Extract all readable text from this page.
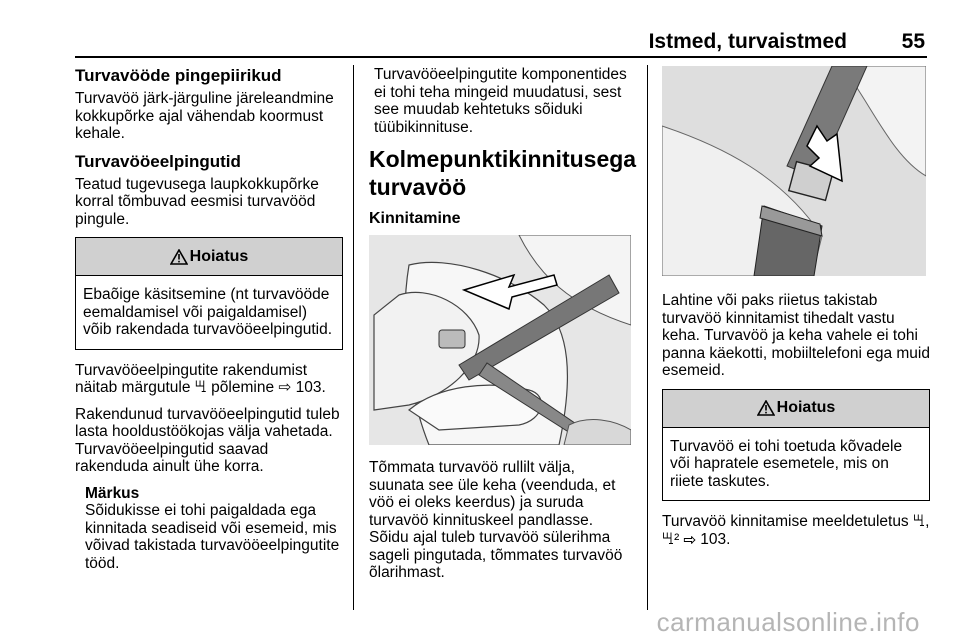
Istmed, turvaistmed	55
Turvavööde pingepiirikud

Turvavöö järk-järguline järeleandmine kokkupõrke ajal vähendab koormust kehale.

Turvavööeelpingutid

Teatud tugevusega laupkokkupõrke korral tõmbuvad eesmisi turvavööd pingule.

Hoiatus

Ebaõige käsitsemine (nt turvavööde eemaldamisel või paigaldamisel) võib rakendada turvavööeelpingutid.

Turvavööeelpingutite rakendumist näitab märgutule ꖇ põlemine ⇨ 103.

Rakendunud turvavööeelpingutid tuleb lasta hooldustöökojas välja vahetada. Turvavööeelpingutid saavad rakenduda ainult ühe korra.

Märkus

Sõidukisse ei tohi paigaldada ega kinnitada seadiseid või esemeid, mis võivad takistada turvavööeelpingutite tööd.

Turvavööeelpingutite komponentides ei tohi teha mingeid muudatusi, sest see muudab kehtetuks sõiduki tüübikinnituse.

Kolmepunktikinnitusega turvavöö
Kinnitamine

Tõmmata turvavöö rullilt välja, suunata see üle keha (veenduda, et vöö ei oleks keerdus) ja suruda turvavöö kinnituskeel pandlasse. Sõidu ajal tuleb turvavöö sülerihma sageli pingutada, tõmmates turvavöö õlarihmast.

Lahtine või paks riietus takistab turvavöö kinnitamist tihedalt vastu keha. Turvavöö ja keha vahele ei tohi panna käekotti, mobiiltelefoni ega muid esemeid.

Hoiatus

Turvavöö ei tohi toetuda kõvadele või hapratele esemetele, mis on riiete taskutes.

Turvavöö kinnitamise meeldetuletus ꖇ, ꖇ² ⇨ 103.

carmanualsonline.info
